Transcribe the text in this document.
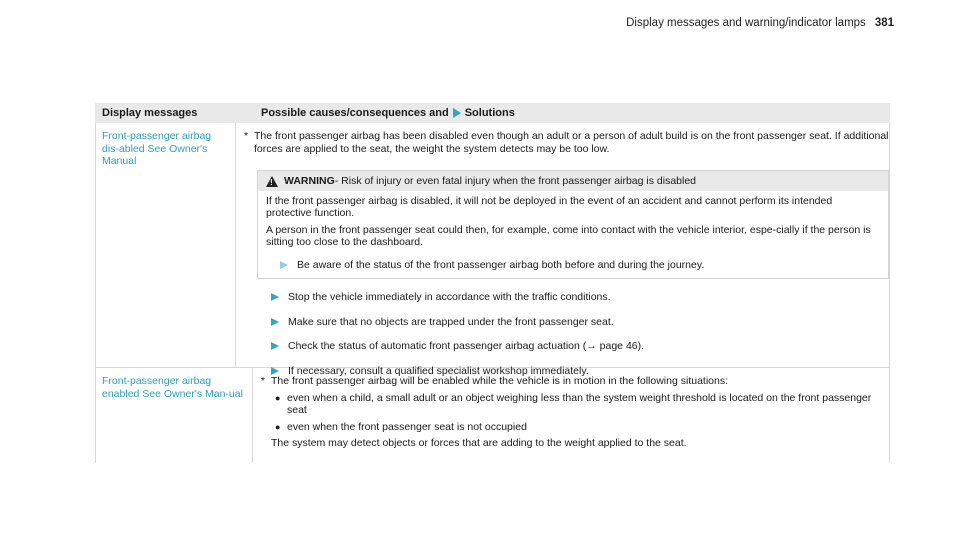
Display messages and warning/indicator lamps 381
Display messages	Possible causes/consequences and Solutions
Front-passenger airbag dis-abled See Owner's Manual
* The front passenger airbag has been disabled even though an adult or a person of adult build is on the front passenger seat. If additional forces are applied to the seat, the weight the system detects may be too low.
!
WARNING - Risk of injury or even fatal injury when the front passenger airbag is disabled

If the front passenger airbag is disabled, it will not be deployed in the event of an accident and cannot perform its intended protective function.

A person in the front passenger seat could then, for example, come into contact with the vehicle interior, espe-cially if the person is sitting too close to the dashboard.

Be aware of the status of the front passenger airbag both before and during the journey.
Stop the vehicle immediately in accordance with the traffic conditions.
Make sure that no objects are trapped under the front passenger seat.
Check the status of automatic front passenger airbag actuation (→ page 46).
If necessary, consult a qualified specialist workshop immediately.
Front-passenger airbag enabled See Owner's Man-ual
* The front passenger airbag will be enabled while the vehicle is in motion in the following situations:
● even when a child, a small adult or an object weighing less than the system weight threshold is located on the front passenger seat
● even when the front passenger seat is not occupied
The system may detect objects or forces that are adding to the weight applied to the seat.
